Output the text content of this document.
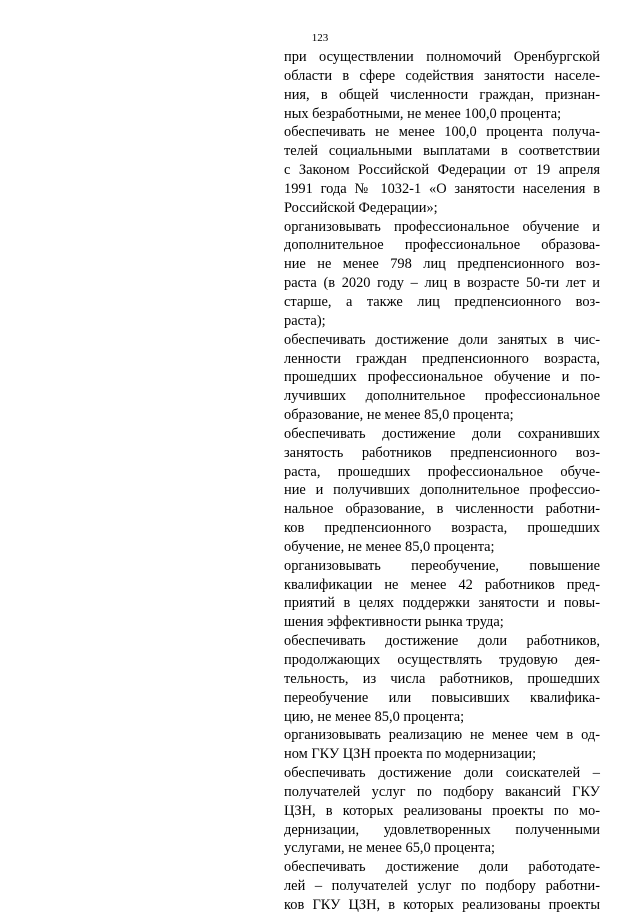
123
при осуществлении полномочий Оренбургской
области в сфере содействия занятости населе-
ния, в общей численности граждан, признан-
ных безработными, не менее 100,0 процента;
обеспечивать не менее 100,0 процента получа-
телей социальными выплатами в соответствии
с Законом Российской Федерации от 19 апреля
1991 года № 1032-1 «О занятости населения в
Российской Федерации»;
организовывать профессиональное обучение и
дополнительное профессиональное образова-
ние не менее 798 лиц предпенсионного воз-
раста (в 2020 году – лиц в возрасте 50-ти лет и
старше, а также лиц предпенсионного воз-
раста);
обеспечивать достижение доли занятых в чис-
ленности граждан предпенсионного возраста,
прошедших профессиональное обучение и по-
лучивших дополнительное профессиональное
образование, не менее 85,0 процента;
обеспечивать достижение доли сохранивших
занятость работников предпенсионного воз-
раста, прошедших профессиональное обуче-
ние и получивших дополнительное профессио-
нальное образование, в численности работни-
ков предпенсионного возраста, прошедших
обучение, не менее 85,0 процента;
организовывать переобучение, повышение
квалификации не менее 42 работников пред-
приятий в целях поддержки занятости и повы-
шения эффективности рынка труда;
обеспечивать достижение доли работников,
продолжающих осуществлять трудовую дея-
тельность, из числа работников, прошедших
переобучение или повысивших квалифика-
цию, не менее 85,0 процента;
организовывать реализацию не менее чем в од-
ном ГКУ ЦЗН проекта по модернизации;
обеспечивать достижение доли соискателей –
получателей услуг по подбору вакансий ГКУ
ЦЗН, в которых реализованы проекты по мо-
дернизации, удовлетворенных полученными
услугами, не менее 65,0 процента;
обеспечивать достижение доли работодате-
лей – получателей услуг по подбору работни-
ков ГКУ ЦЗН, в которых реализованы проекты
